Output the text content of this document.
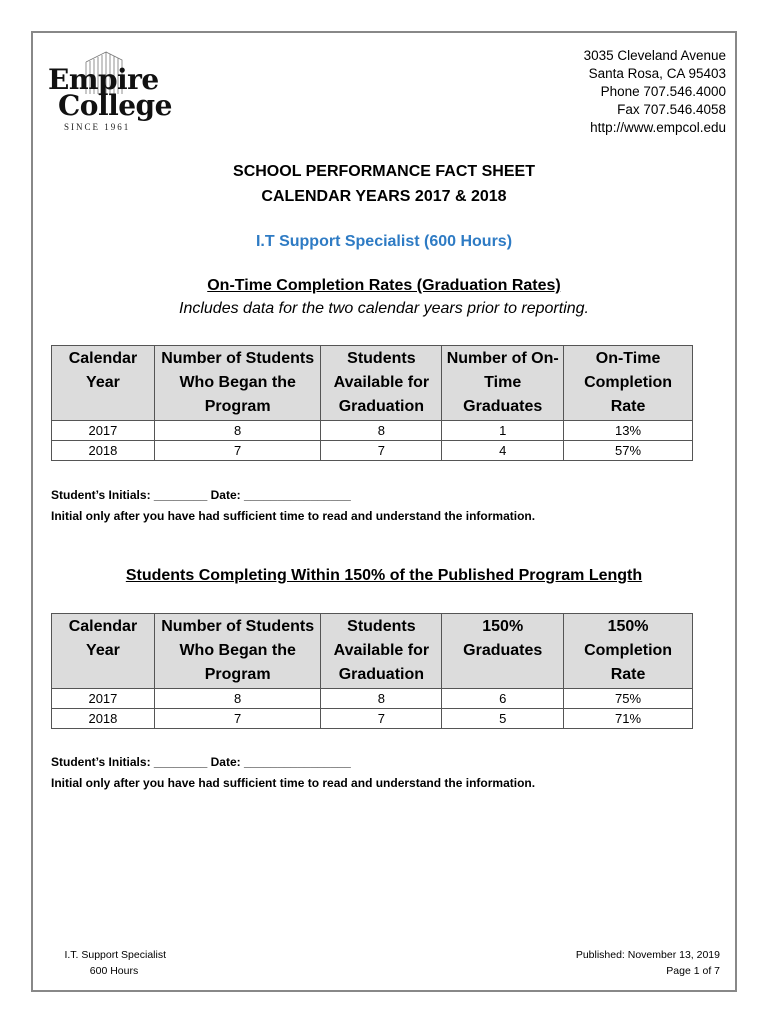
Empire
College
SINCE 1961
3035 Cleveland Avenue
Santa Rosa, CA 95403
Phone 707.546.4000
Fax 707.546.4058
http://www.empcol.edu
SCHOOL PERFORMANCE FACT SHEET
CALENDAR YEARS 2017 & 2018
I.T Support Specialist (600 Hours)
On-Time Completion Rates (Graduation Rates)
Includes data for the two calendar years prior to reporting.
Calendar Year	Number of Students Who Began the Program	Students Available for Graduation	Number of On-Time Graduates	On-Time Completion Rate
2017	8	8	1	13%
2018	7	7	4	57%
Student’s Initials: ________ Date: ________________
Initial only after you have had sufficient time to read and understand the information.
Students Completing Within 150% of the Published Program Length
Calendar Year	Number of Students Who Began the Program	Students Available for Graduation	150% Graduates	150% Completion Rate
2017	8	8	6	75%
2018	7	7	5	71%
Student’s Initials: ________ Date: ________________
Initial only after you have had sufficient time to read and understand the information.
I.T. Support Specialist
600 Hours
Published: November 13, 2019
Page 1 of 7
